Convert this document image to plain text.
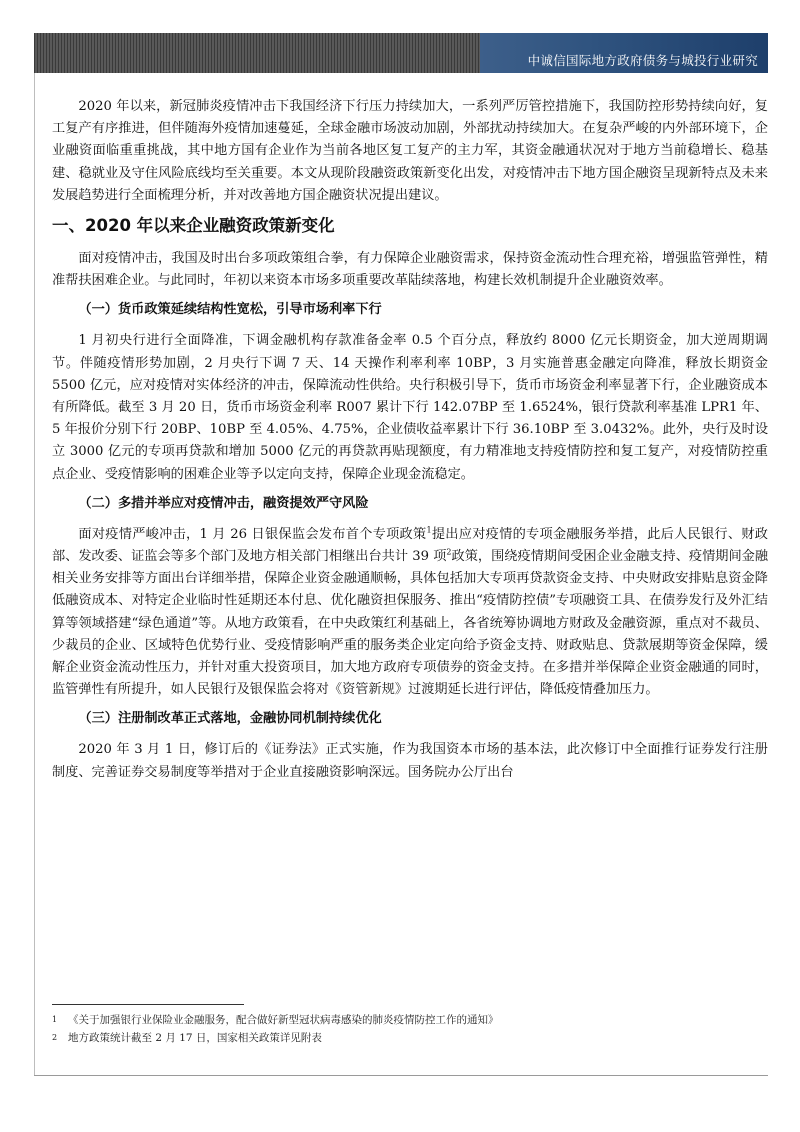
中诚信国际地方政府债务与城投行业研究

2020 年以来，新冠肺炎疫情冲击下我国经济下行压力持续加大，一系列严厉管控措施下，我国防控形势持续向好，复工复产有序推进，但伴随海外疫情加速蔓延，全球金融市场波动加剧，外部扰动持续加大。在复杂严峻的内外部环境下，企业融资面临重重挑战，其中地方国有企业作为当前各地区复工复产的主力军，其资金融通状况对于地方当前稳增长、稳基建、稳就业及守住风险底线均至关重要。本文从现阶段融资政策新变化出发，对疫情冲击下地方国企融资呈现新特点及未来发展趋势进行全面梳理分析，并对改善地方国企融资状况提出建议。

一、2020 年以来企业融资政策新变化

面对疫情冲击，我国及时出台多项政策组合拳，有力保障企业融资需求，保持资金流动性合理充裕，增强监管弹性，精准帮扶困难企业。与此同时，年初以来资本市场多项重要改革陆续落地，构建长效机制提升企业融资效率。

（一）货币政策延续结构性宽松，引导市场利率下行

1 月初央行进行全面降准，下调金融机构存款准备金率 0.5 个百分点，释放约 8000 亿元长期资金，加大逆周期调节。伴随疫情形势加剧，2 月央行下调 7 天、14 天操作利率利率 10BP，3 月实施普惠金融定向降准，释放长期资金 5500 亿元，应对疫情对实体经济的冲击，保障流动性供给。央行积极引导下，货币市场资金利率显著下行，企业融资成本有所降低。截至 3 月 20 日，货币市场资金利率 R007 累计下行 142.07BP 至 1.6524%，银行贷款利率基准 LPR1 年、5 年报价分别下行 20BP、10BP 至 4.05%、4.75%，企业债收益率累计下行 36.10BP 至 3.0432%。此外，央行及时设立 3000 亿元的专项再贷款和增加 5000 亿元的再贷款再贴现额度，有力精准地支持疫情防控和复工复产，对疫情防控重点企业、受疫情影响的困难企业等予以定向支持，保障企业现金流稳定。

（二）多措并举应对疫情冲击，融资提效严守风险

面对疫情严峻冲击，1 月 26 日银保监会发布首个专项政策$^1$提出应对疫情的专项金融服务举措，此后人民银行、财政部、发改委、证监会等多个部门及地方相关部门相继出台共计 39 项$^2$政策，围绕疫情期间受困企业金融支持、疫情期间金融相关业务安排等方面出台详细举措，保障企业资金融通顺畅，具体包括加大专项再贷款资金支持、中央财政安排贴息资金降低融资成本、对特定企业临时性延期还本付息、优化融资担保服务、推出“疫情防控债”专项融资工具、在债券发行及外汇结算等领域搭建“绿色通道”等。从地方政策看，在中央政策红利基础上，各省统筹协调地方财政及金融资源，重点对不裁员、少裁员的企业、区域特色优势行业、受疫情影响严重的服务类企业定向给予资金支持、财政贴息、贷款展期等资金保障，缓解企业资金流动性压力，并针对重大投资项目，加大地方政府专项债券的资金支持。在多措并举保障企业资金融通的同时，监管弹性有所提升，如人民银行及银保监会将对《资管新规》过渡期延长进行评估，降低疫情叠加压力。

（三）注册制改革正式落地，金融协同机制持续优化

2020 年 3 月 1 日，修订后的《证券法》正式实施，作为我国资本市场的基本法，此次修订中全面推行证券发行注册制度、完善证券交易制度等举措对于企业直接融资影响深远。国务院办公厅出台

1 《关于加强银行业保险业金融服务，配合做好新型冠状病毒感染的肺炎疫情防控工作的通知》
2 地方政策统计截至 2 月 17 日，国家相关政策详见附表
